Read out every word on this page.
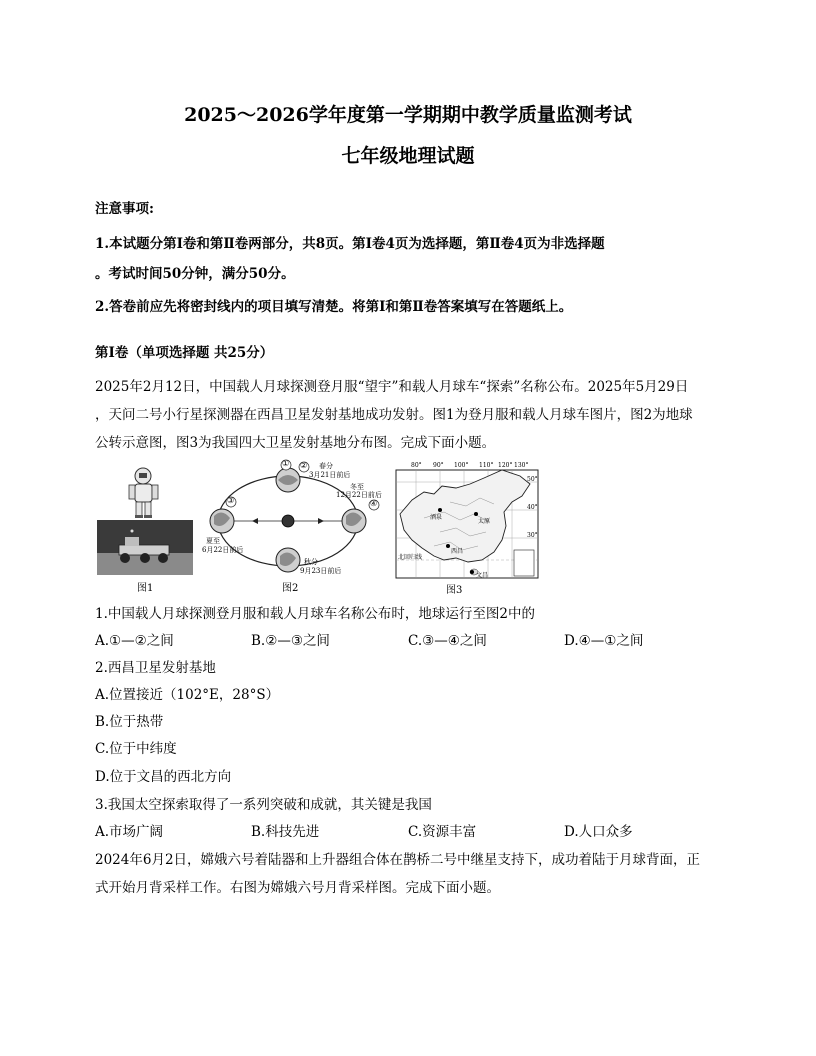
2025～2026学年度第一学期期中教学质量监测考试
七年级地理试题
注意事项:
1.本试题分第Ⅰ卷和第Ⅱ卷两部分，共8页。第Ⅰ卷4页为选择题，第Ⅱ卷4页为非选择题
。考试时间50分钟，满分50分。
2.答卷前应先将密封线内的项目填写清楚。将第Ⅰ和第Ⅱ卷答案填写在答题纸上。
第Ⅰ卷（单项选择题 共25分）
2025年2月12日，中国载人月球探测登月服“望宇”和载人月球车“探索”名称公布。2025年5月29日
，天问二号小行星探测器在西昌卫星发射基地成功发射。图1为登月服和载人月球车图片，图2为地球
公转示意图，图3为我国四大卫星发射基地分布图。完成下面小题。
图1
① ②
③	④
春分
3月21日前后
冬至
12月22日前后
夏至
6月22日前后
秋分
9月23日前后
图2
80° 90° 100° 110° 120° 130°
50°
40°
30°
酒泉
太原
西昌
北回归线
文昌
图3
1.中国载人月球探测登月服和载人月球车名称公布时，地球运行至图2中的
A.①—②之间	B.②—③之间	C.③—④之间	D.④—①之间
2.西昌卫星发射基地
A.位置接近（102°E，28°S）
B.位于热带
C.位于中纬度
D.位于文昌的西北方向
3.我国太空探索取得了一系列突破和成就，其关键是我国
A.市场广阔	B.科技先进	C.资源丰富	D.人口众多
2024年6月2日，嫦娥六号着陆器和上升器组合体在鹊桥二号中继星支持下，成功着陆于月球背面，正
式开始月背采样工作。右图为嫦娥六号月背采样图。完成下面小题。
